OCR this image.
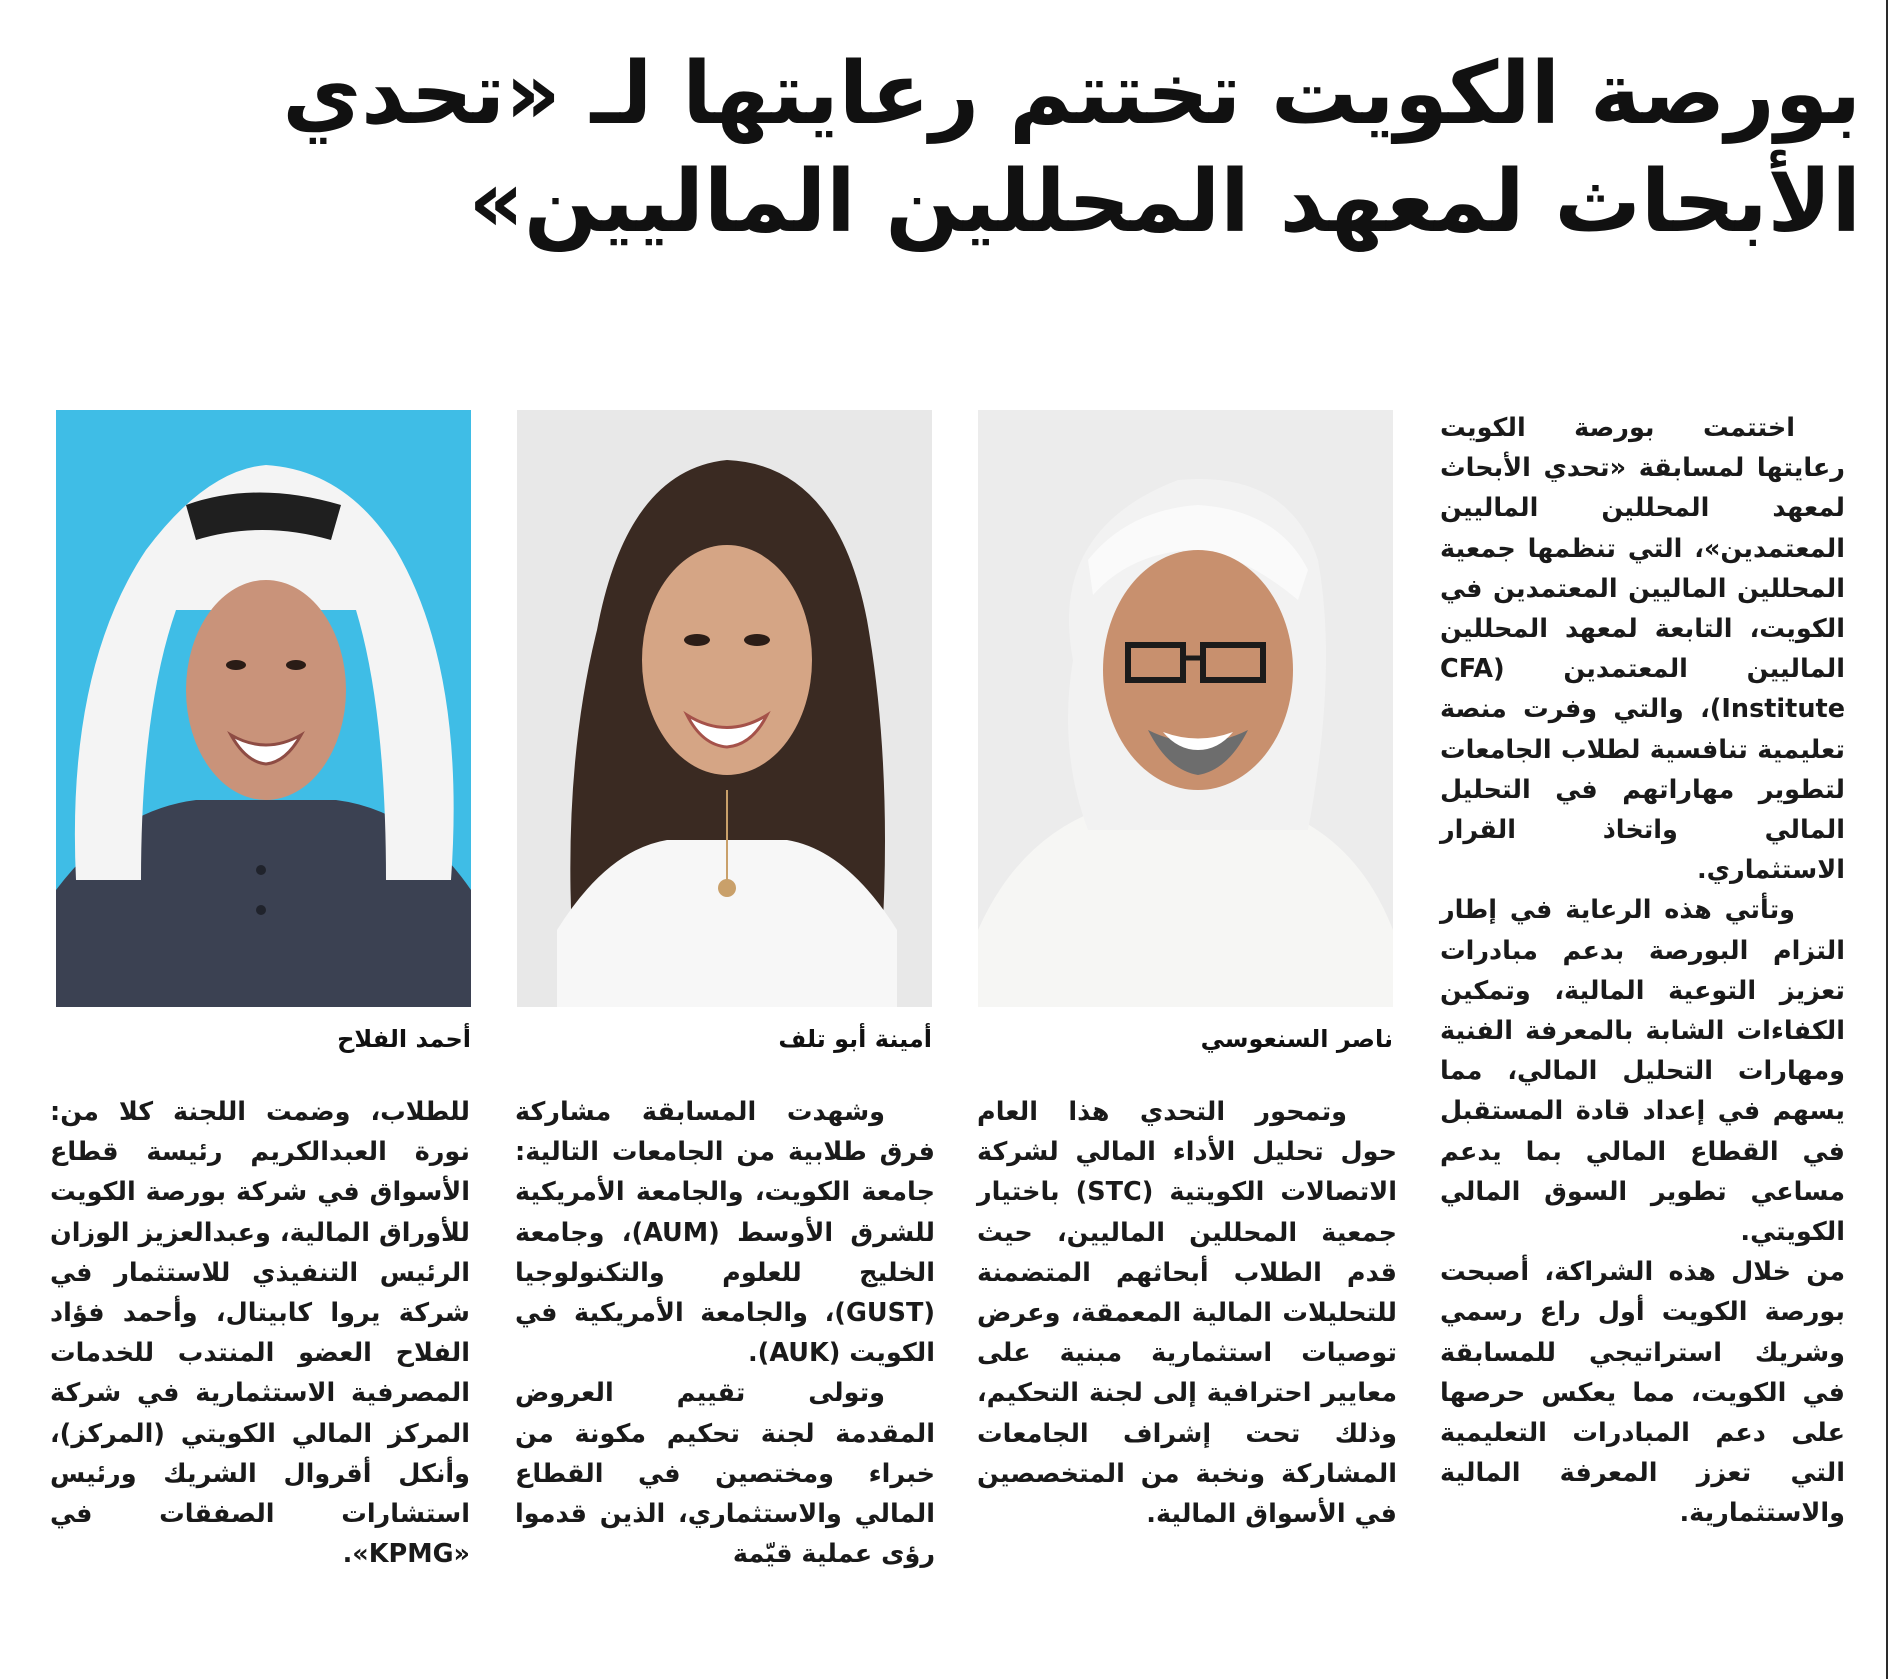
بورصة الكويت تختتم رعايتها لـ «تحدي
الأبحاث لمعهد المحللين الماليين»

اختتمت بورصة الكويت رعايتها لمسابقة «تحدي الأبحاث لمعهد المحللين الماليين المعتمدين»، التي تنظمها جمعية المحللين الماليين المعتمدين في الكويت، التابعة لمعهد المحللين الماليين المعتمدين (CFA Institute)، والتي وفرت منصة تعليمية تنافسية لطلاب الجامعات لتطوير مهاراتهم في التحليل المالي واتخاذ القرار الاستثماري.

وتأتي هذه الرعاية في إطار التزام البورصة بدعم مبادرات تعزيز التوعية المالية، وتمكين الكفاءات الشابة بالمعرفة الفنية ومهارات التحليل المالي، مما يسهم في إعداد قادة المستقبل في القطاع المالي بما يدعم مساعي تطوير السوق المالي الكويتي.

من خلال هذه الشراكة، أصبحت بورصة الكويت أول راع رسمي وشريك استراتيجي للمسابقة في الكويت، مما يعكس حرصها على دعم المبادرات التعليمية التي تعزز المعرفة المالية والاستثمارية.

ناصر السنعوسي
أمينة أبو تلف
أحمد الفلاح

وتمحور التحدي هذا العام حول تحليل الأداء المالي لشركة الاتصالات الكويتية (STC) باختيار جمعية المحللين الماليين، حيث قدم الطلاب أبحاثهم المتضمنة للتحليلات المالية المعمقة، وعرض توصيات استثمارية مبنية على معايير احترافية إلى لجنة التحكيم، وذلك تحت إشراف الجامعات المشاركة ونخبة من المتخصصين في الأسواق المالية.

وشهدت المسابقة مشاركة فرق طلابية من الجامعات التالية: جامعة الكويت، والجامعة الأمريكية للشرق الأوسط (AUM)، وجامعة الخليج للعلوم والتكنولوجيا (GUST)، والجامعة الأمريكية في الكويت (AUK).

وتولى تقييم العروض المقدمة لجنة تحكيم مكونة من خبراء ومختصين في القطاع المالي والاستثماري، الذين قدموا رؤى عملية قيّمة

للطلاب، وضمت اللجنة كلا من: نورة العبدالكريم رئيسة قطاع الأسواق في شركة بورصة الكويت للأوراق المالية، وعبدالعزيز الوزان الرئيس التنفيذي للاستثمار في شركة يروا كابيتال، وأحمد فؤاد الفلاح العضو المنتدب للخدمات المصرفية الاستثمارية في شركة المركز المالي الكويتي (المركز)، وأنكل أقروال الشريك ورئيس استشارات الصفقات في «KPMG».
